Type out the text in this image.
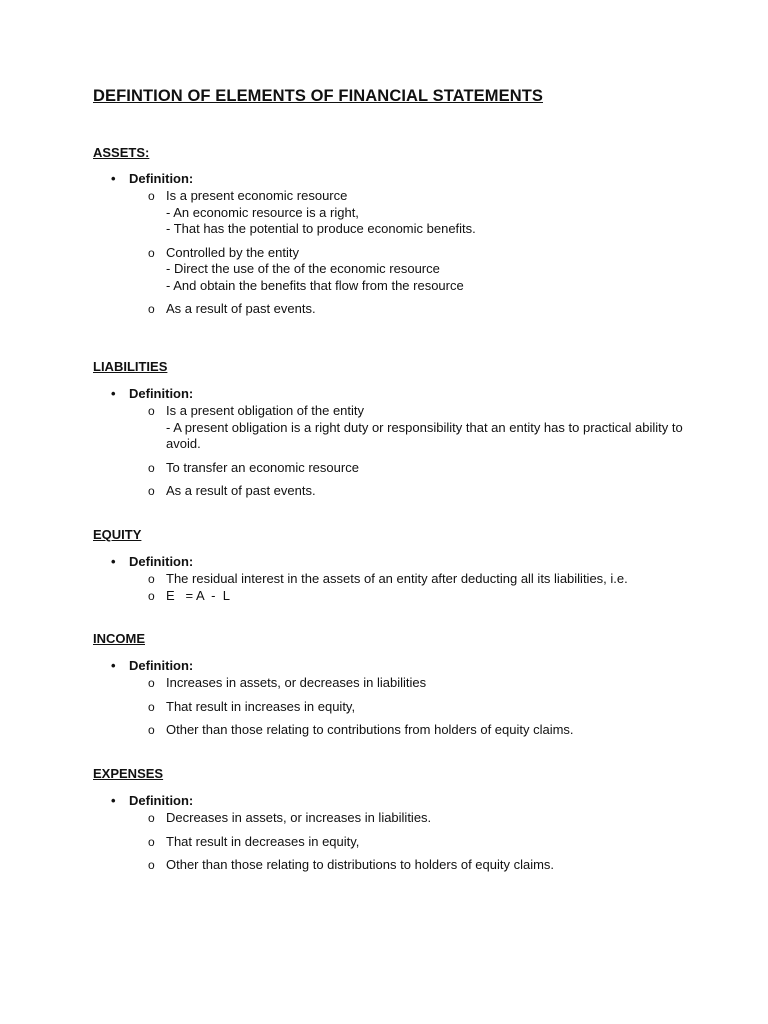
DEFINTION OF ELEMENTS OF FINANCIAL STATEMENTS
ASSETS:
• Definition:
o Is a present economic resource
- An economic resource is a right,
- That has the potential to produce economic benefits.
o Controlled by the entity
- Direct the use of the of the economic resource
- And obtain the benefits that flow from the resource
o As a result of past events.
LIABILITIES
• Definition:
o Is a present obligation of the entity
- A present obligation is a right duty or responsibility that an entity has to practical ability to avoid.
o To transfer an economic resource
o As a result of past events.
EQUITY
• Definition:
o The residual interest in the assets of an entity after deducting all its liabilities, i.e.
o E   = A  -  L
INCOME
• Definition:
o Increases in assets, or decreases in liabilities
o That result in increases in equity,
o Other than those relating to contributions from holders of equity claims.
EXPENSES
• Definition:
o Decreases in assets, or increases in liabilities.
o That result in decreases in equity,
o Other than those relating to distributions to holders of equity claims.
